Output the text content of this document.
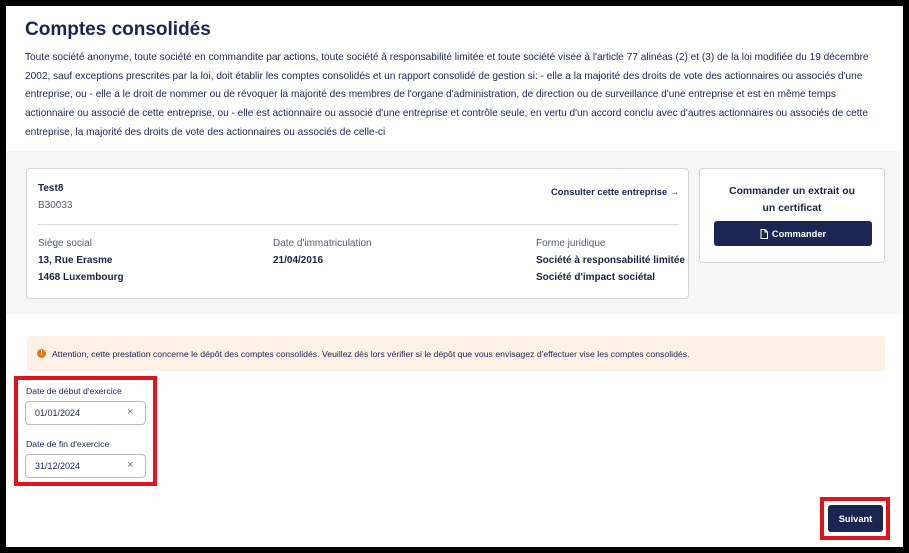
Comptes consolidés

Toute société anonyme, toute société en commandite par actions, toute société à responsabilité limitée et toute société visée à l'article 77 alinéas (2) et (3) de la loi modifiée du 19 décembre 2002, sauf exceptions prescrites par la loi, doit établir les comptes consolidés et un rapport consolidé de gestion si: - elle a la majorité des droits de vote des actionnaires ou associés d'une entreprise, ou - elle a le droit de nommer ou de révoquer la majorité des membres de l'organe d'administration, de direction ou de surveillance d'une entreprise et est en même temps actionnaire ou associé de cette entreprise, ou - elle est actionnaire ou associé d'une entreprise et contrôle seule, en vertu d'un accord conclu avec d'autres actionnaires ou associés de cette entreprise, la majorité des droits de vote des actionnaires ou associés de celle-ci

Test8
B30033
Consulter cette entreprise →
Siège social
13, Rue Erasme
1468 Luxembourg
Date d'immatriculation
21/04/2016
Forme juridique
Société à responsabilité limitée
Société d'impact sociétal
Commander un extrait ou
un certificat
Commander
!	Attention, cette prestation concerne le dépôt des comptes consolidés. Veuillez dès lors vérifier si le dépôt que vous envisagez d'effectuer vise les comptes consolidés.
Date de début d'exercice
01/01/2024
×
Date de fin d'exercice
31/12/2024
×
Suivant
